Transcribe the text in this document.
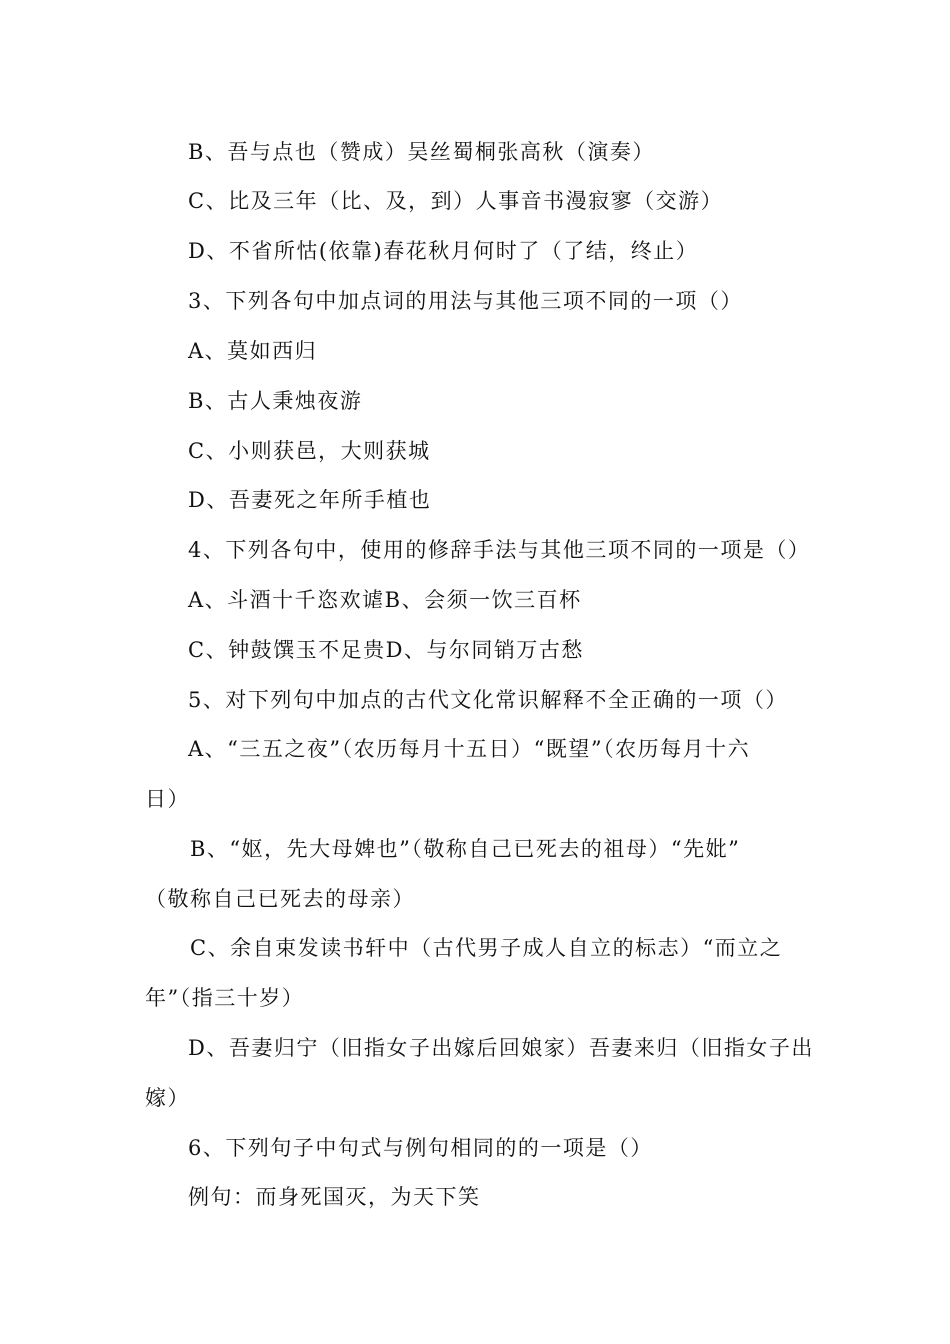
B、吾与点也（赞成）吴丝蜀桐张高秋（演奏）
C、比及三年（比、及，到）人事音书漫寂寥（交游）
D、不省所怙(依靠)春花秋月何时了（了结，终止）
3、下列各句中加点词的用法与其他三项不同的一项（）
A、莫如西归
B、古人秉烛夜游
C、小则获邑，大则获城
D、吾妻死之年所手植也
4、下列各句中，使用的修辞手法与其他三项不同的一项是（）
A、斗酒十千恣欢谑B、会须一饮三百杯
C、钟鼓馔玉不足贵D、与尔同销万古愁
5、对下列句中加点的古代文化常识解释不全正确的一项（）
A、“三五之夜”（农历每月十五日）“既望”（农历每月十六
日）
B、“妪，先大母婢也”（敬称自己已死去的祖母）“先妣”
（敬称自己已死去的母亲）
C、余自束发读书轩中（古代男子成人自立的标志）“而立之
年”（指三十岁）
D、吾妻归宁（旧指女子出嫁后回娘家）吾妻来归（旧指女子出
嫁）
6、下列句子中句式与例句相同的的一项是（）
例句：而身死国灭，为天下笑
